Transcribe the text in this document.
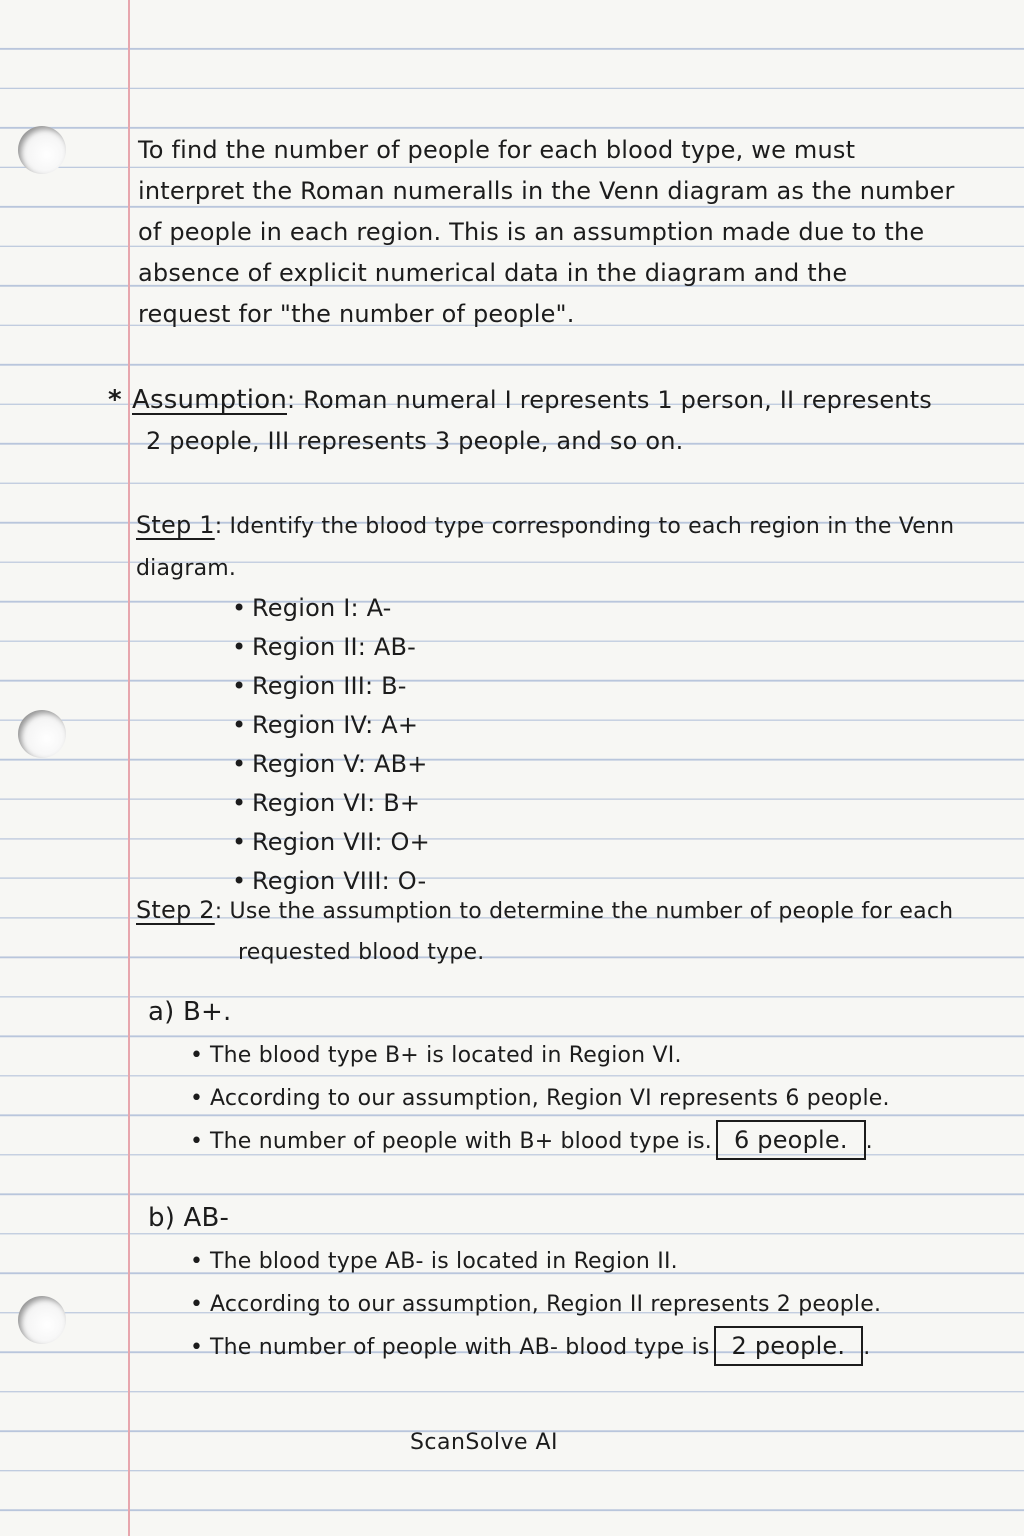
To find the number of people for each blood type, we must
interpret the Roman numeralls in the Venn diagram as the number
of people in each region. This is an assumption made due to the
absence of explicit numerical data in the diagram and the
request for "the number of people".
* Assumption: Roman numeral I represents 1 person, II represents
2 people, III represents 3 people, and so on.
Step 1: Identify the blood type corresponding to each region in the Venn diagram.
• Region I: A-
• Region II: AB-
• Region III: B-
• Region IV: A+
• Region V: AB+
• Region VI: B+
• Region VII: O+
• Region VIII: O-
Step 2: Use the assumption to determine the number of people for each
requested blood type.
a) B+.
• The blood type B+ is located in Region VI.
• According to our assumption, Region VI represents 6 people.
• The number of people with B+ blood type is. 6 people. .
b) AB-
• The blood type AB- is located in Region II.
• According to our assumption, Region II represents 2 people.
• The number of people with AB- blood type is 2 people. .
ScanSolve AI
